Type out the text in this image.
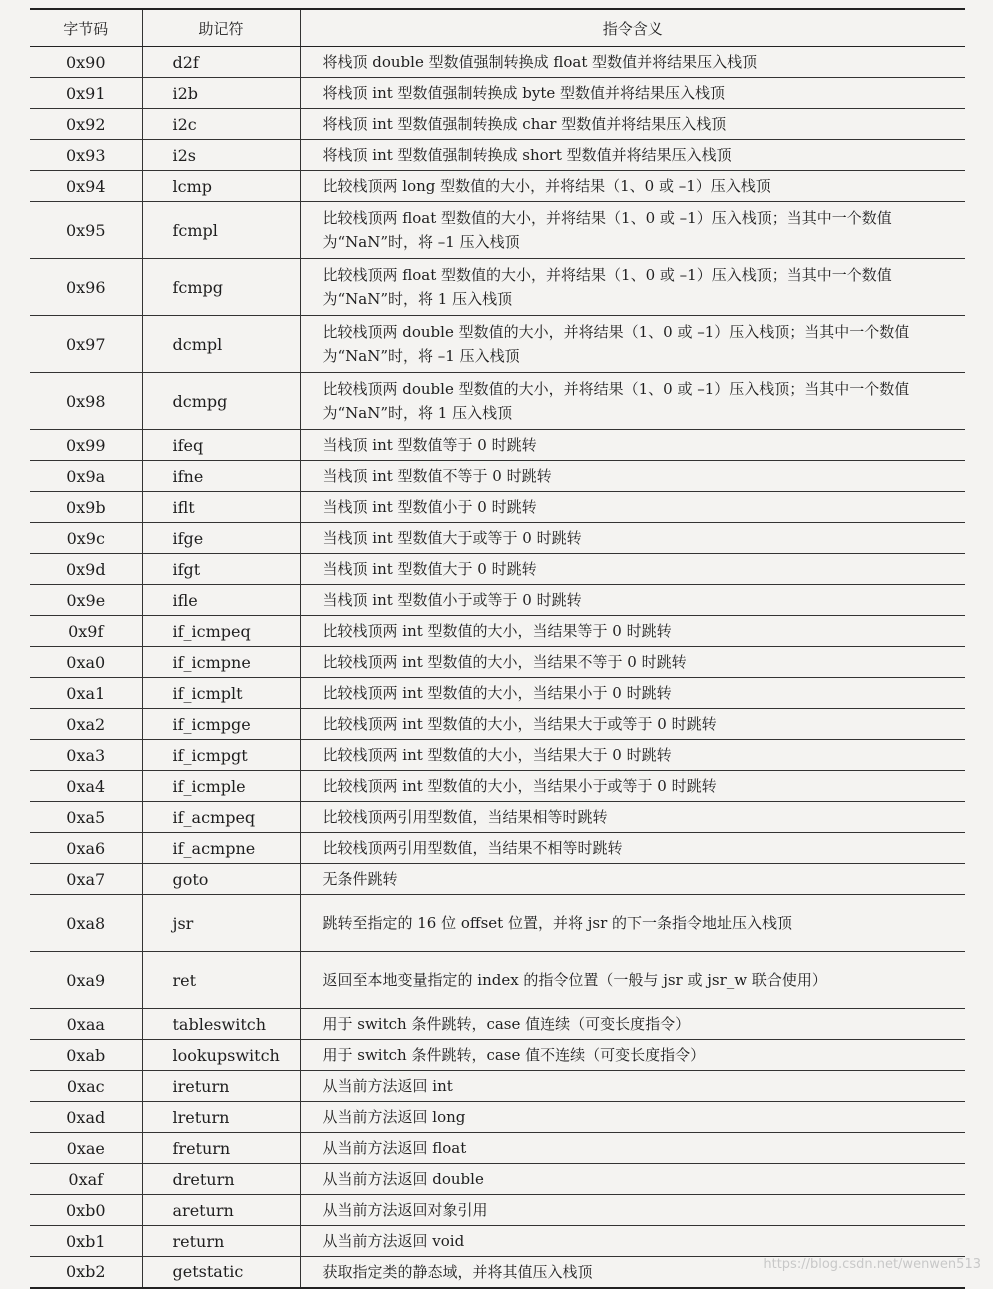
字节码	助记符	指令含义
0x90	d2f	将栈顶 double 型数值强制转换成 float 型数值并将结果压入栈顶
0x91	i2b	将栈顶 int 型数值强制转换成 byte 型数值并将结果压入栈顶
0x92	i2c	将栈顶 int 型数值强制转换成 char 型数值并将结果压入栈顶
0x93	i2s	将栈顶 int 型数值强制转换成 short 型数值并将结果压入栈顶
0x94	lcmp	比较栈顶两 long 型数值的大小，并将结果（1、0 或 –1）压入栈顶
0x95	fcmpl	比较栈顶两 float 型数值的大小，并将结果（1、0 或 –1）压入栈顶；当其中一个数值为“NaN”时，将 –1 压入栈顶
0x96	fcmpg	比较栈顶两 float 型数值的大小，并将结果（1、0 或 –1）压入栈顶；当其中一个数值为“NaN”时，将 1 压入栈顶
0x97	dcmpl	比较栈顶两 double 型数值的大小，并将结果（1、0 或 –1）压入栈顶；当其中一个数值为“NaN”时，将 –1 压入栈顶
0x98	dcmpg	比较栈顶两 double 型数值的大小，并将结果（1、0 或 –1）压入栈顶；当其中一个数值为“NaN”时，将 1 压入栈顶
0x99	ifeq	当栈顶 int 型数值等于 0 时跳转
0x9a	ifne	当栈顶 int 型数值不等于 0 时跳转
0x9b	iflt	当栈顶 int 型数值小于 0 时跳转
0x9c	ifge	当栈顶 int 型数值大于或等于 0 时跳转
0x9d	ifgt	当栈顶 int 型数值大于 0 时跳转
0x9e	ifle	当栈顶 int 型数值小于或等于 0 时跳转
0x9f	if_icmpeq	比较栈顶两 int 型数值的大小，当结果等于 0 时跳转
0xa0	if_icmpne	比较栈顶两 int 型数值的大小，当结果不等于 0 时跳转
0xa1	if_icmplt	比较栈顶两 int 型数值的大小，当结果小于 0 时跳转
0xa2	if_icmpge	比较栈顶两 int 型数值的大小，当结果大于或等于 0 时跳转
0xa3	if_icmpgt	比较栈顶两 int 型数值的大小，当结果大于 0 时跳转
0xa4	if_icmple	比较栈顶两 int 型数值的大小，当结果小于或等于 0 时跳转
0xa5	if_acmpeq	比较栈顶两引用型数值，当结果相等时跳转
0xa6	if_acmpne	比较栈顶两引用型数值，当结果不相等时跳转
0xa7	goto	无条件跳转
0xa8	jsr	跳转至指定的 16 位 offset 位置，并将 jsr 的下一条指令地址压入栈顶
0xa9	ret	返回至本地变量指定的 index 的指令位置（一般与 jsr 或 jsr_w 联合使用）
0xaa	tableswitch	用于 switch 条件跳转，case 值连续（可变长度指令）
0xab	lookupswitch	用于 switch 条件跳转，case 值不连续（可变长度指令）
0xac	ireturn	从当前方法返回 int
0xad	lreturn	从当前方法返回 long
0xae	freturn	从当前方法返回 float
0xaf	dreturn	从当前方法返回 double
0xb0	areturn	从当前方法返回对象引用
0xb1	return	从当前方法返回 void
0xb2	getstatic	获取指定类的静态域，并将其值压入栈顶	https://blog.csdn.net/wenwen513
